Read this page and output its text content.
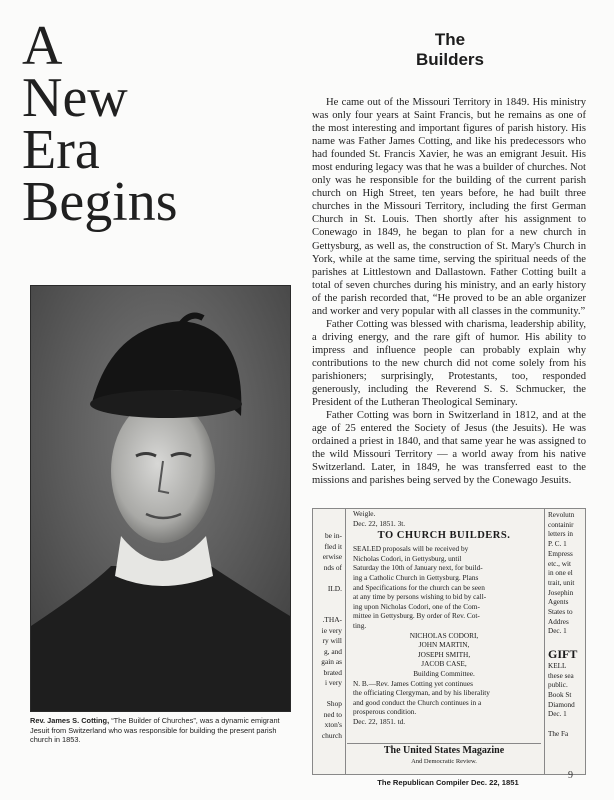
A
New
Era
Begins
The
Builders

He came out of the Missouri Territory in 1849. His ministry was only four years at Saint Francis, but he remains as one of the most interesting and important figures of parish history. His name was Father James Cotting, and like his predecessors who had founded St. Francis Xavier, he was an emigrant Jesuit. His most enduring legacy was that he was a builder of churches. Not only was he responsible for the building of the current parish church on High Street, ten years before, he had built three churches in the Missouri Territory, including the first German Church in St. Louis. Then shortly after his assignment to Conewago in 1849, he began to plan for a new church in Gettysburg, as well as, the construction of St. Mary's Church in York, while at the same time, serving the spiritual needs of the parishes at Littlestown and Dallastown. Father Cotting built a total of seven churches during his ministry, and an early history of the parish recorded that, “He proved to be an able organizer and worker and very popular with all classes in the community.”

Father Cotting was blessed with charisma, leadership ability, a driving energy, and the rare gift of humor. His ability to impress and influence people can probably explain why contributions to the new church did not come solely from his parishioners; surprisingly, Protestants, too, responded generously, including the Reverend S. S. Schmucker, the President of the Lutheran Theological Seminary.

Father Cotting was born in Switzerland in 1812, and at the age of 25 entered the Society of Jesus (the Jesuits). He was ordained a priest in 1840, and that same year he was assigned to the wild Missouri Territory — a world away from his native Switzerland. Later, in 1849, he was transferred east to the missions and parishes being served by the Conewago Jesuits.

Rev. James S. Cotting, “The Builder of Churches”, was a dynamic emigrant Jesuit from Switzerland who was responsible for building the present parish church in 1853.
be in-
fled it
erwise
nds of

ILD.

.THA-
ie very
ry will
g, and
gain as
brated
i very

Shop
ned to
xton's
church
Weigle.
Dec. 22, 1851. 3t.
TO CHURCH BUILDERS.
SEALED proposals will be received by
Nicholas Codori, in Gettysburg, until
Saturday the 10th of January next, for build-
ing a Catholic Church in Gettysburg. Plans
and Specifications for the church can be seen
at any time by persons wishing to bid by call-
ing upon Nicholas Codori, one of the Com-
mittee in Gettysburg. By order of Rev. Cot-
ting.
NICHOLAS CODORI,
JOHN MARTIN,
JOSEPH SMITH,
JACOB CASE,
Building Committee.
N. B.—Rev. James Cotting yet continues
the officiating Clergyman, and by his liberality
and good conduct the Church continues in a
prosperous condition.
Dec. 22, 1851. td.
The United States Magazine
And Democratic Review.
Revolutn
containir
letters in
P. C. 1
Empress
etc., wit
in one el
trait, unit
Josephin
Agents
States to
Addres
Dec. 1

GIFT
KELL
these sea
public.
Book St
Diamond
Dec. 1

The Fa
The Republican Compiler Dec. 22, 1851
9
